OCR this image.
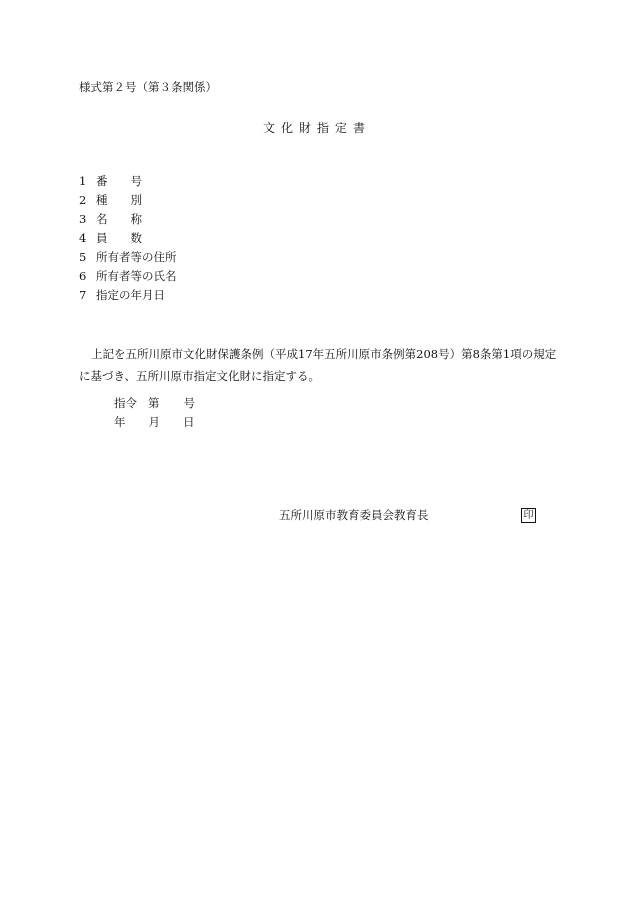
様式第２号（第３条関係）
文化財指定書
1 番 号
2 種 別
3 名 称
4 員 数
5 所有者等の住所
6 所有者等の氏名
7 指定の年月日
上記を五所川原市文化財保護条例（平成17年五所川原市条例第208号）第8条第1項の規定
に基づき、五所川原市指定文化財に指定する。
指令 第 号
年 月 日
五所川原市教育委員会教育長	印
